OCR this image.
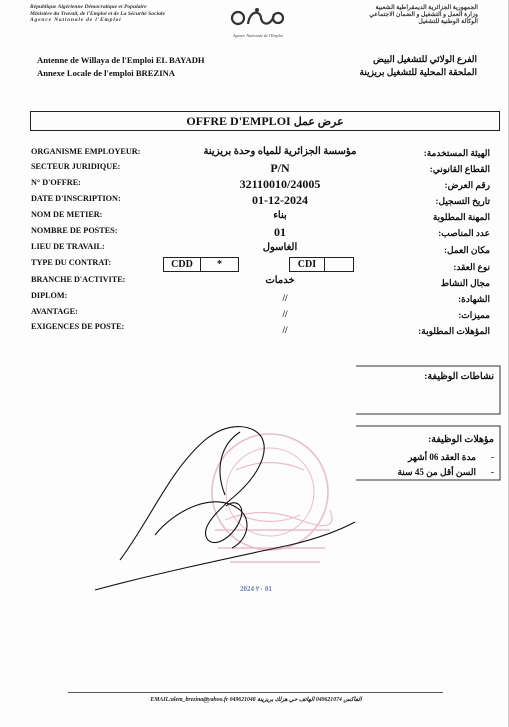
République Algérienne Démocratique et Populaire
Ministère du Travail, de l'Emploi et de La Sécurité Sociale
Agence Nationale de l'Emploi
Agence Nationale de l'Emploi
الجمهورية الجزائرية الديمقراطية الشعبية
وزارة العمل و التشغيل و الضمان الاجتماعي
الوكالة الوطنية للتشغيل
Antenne de Willaya de l'Emploi EL BAYADH
Annexe Locale de l'emploi BREZINA
الفرع الولائي للتشغيل البيض
الملحقة المحلية للتشغيل بريزينة
OFFRE D'EMPLOI عرض عمل
ORGANISME EMPLOYEUR:	مؤسسة الجزائرية للمياه وحدة بريزينة	الهيئة المستخدمة:
SECTEUR JURIDIQUE:	P/N	القطاع القانوني:
N° D'OFFRE:	32110010/24005	رقم العرض:
DATE D'INSCRIPTION:	01-12-2024	تاريخ التسجيل:
NOM DE METIER:	بناء	المهنة المطلوبة
NOMBRE DE POSTES:	01	عدد المناصب:
LIEU DE TRAVAIL:	الغاسول	مكان العمل:
TYPE DU CONTRAT:	نوع العقد:
CDD	*	CDI
BRANCHE D'ACTIVITE:	خدمات	مجال النشاط
DIPLOM:	//	الشهادة:
AVANTAGE:	//	مميزات:
EXIGENCES DE POSTE:	//	المؤهلات المطلوبة:
نشاطات الوظيفة:
مؤهلات الوظيفة:
-
مدة العقد 06 أشهر
-
السن أقل من 45 سنة
2024 ٢٠ 01
EMAIL:alem_brezina@yahoo.fr 049621048 الفاكس 049621074 الهاتف حي هزلك بريزينة
